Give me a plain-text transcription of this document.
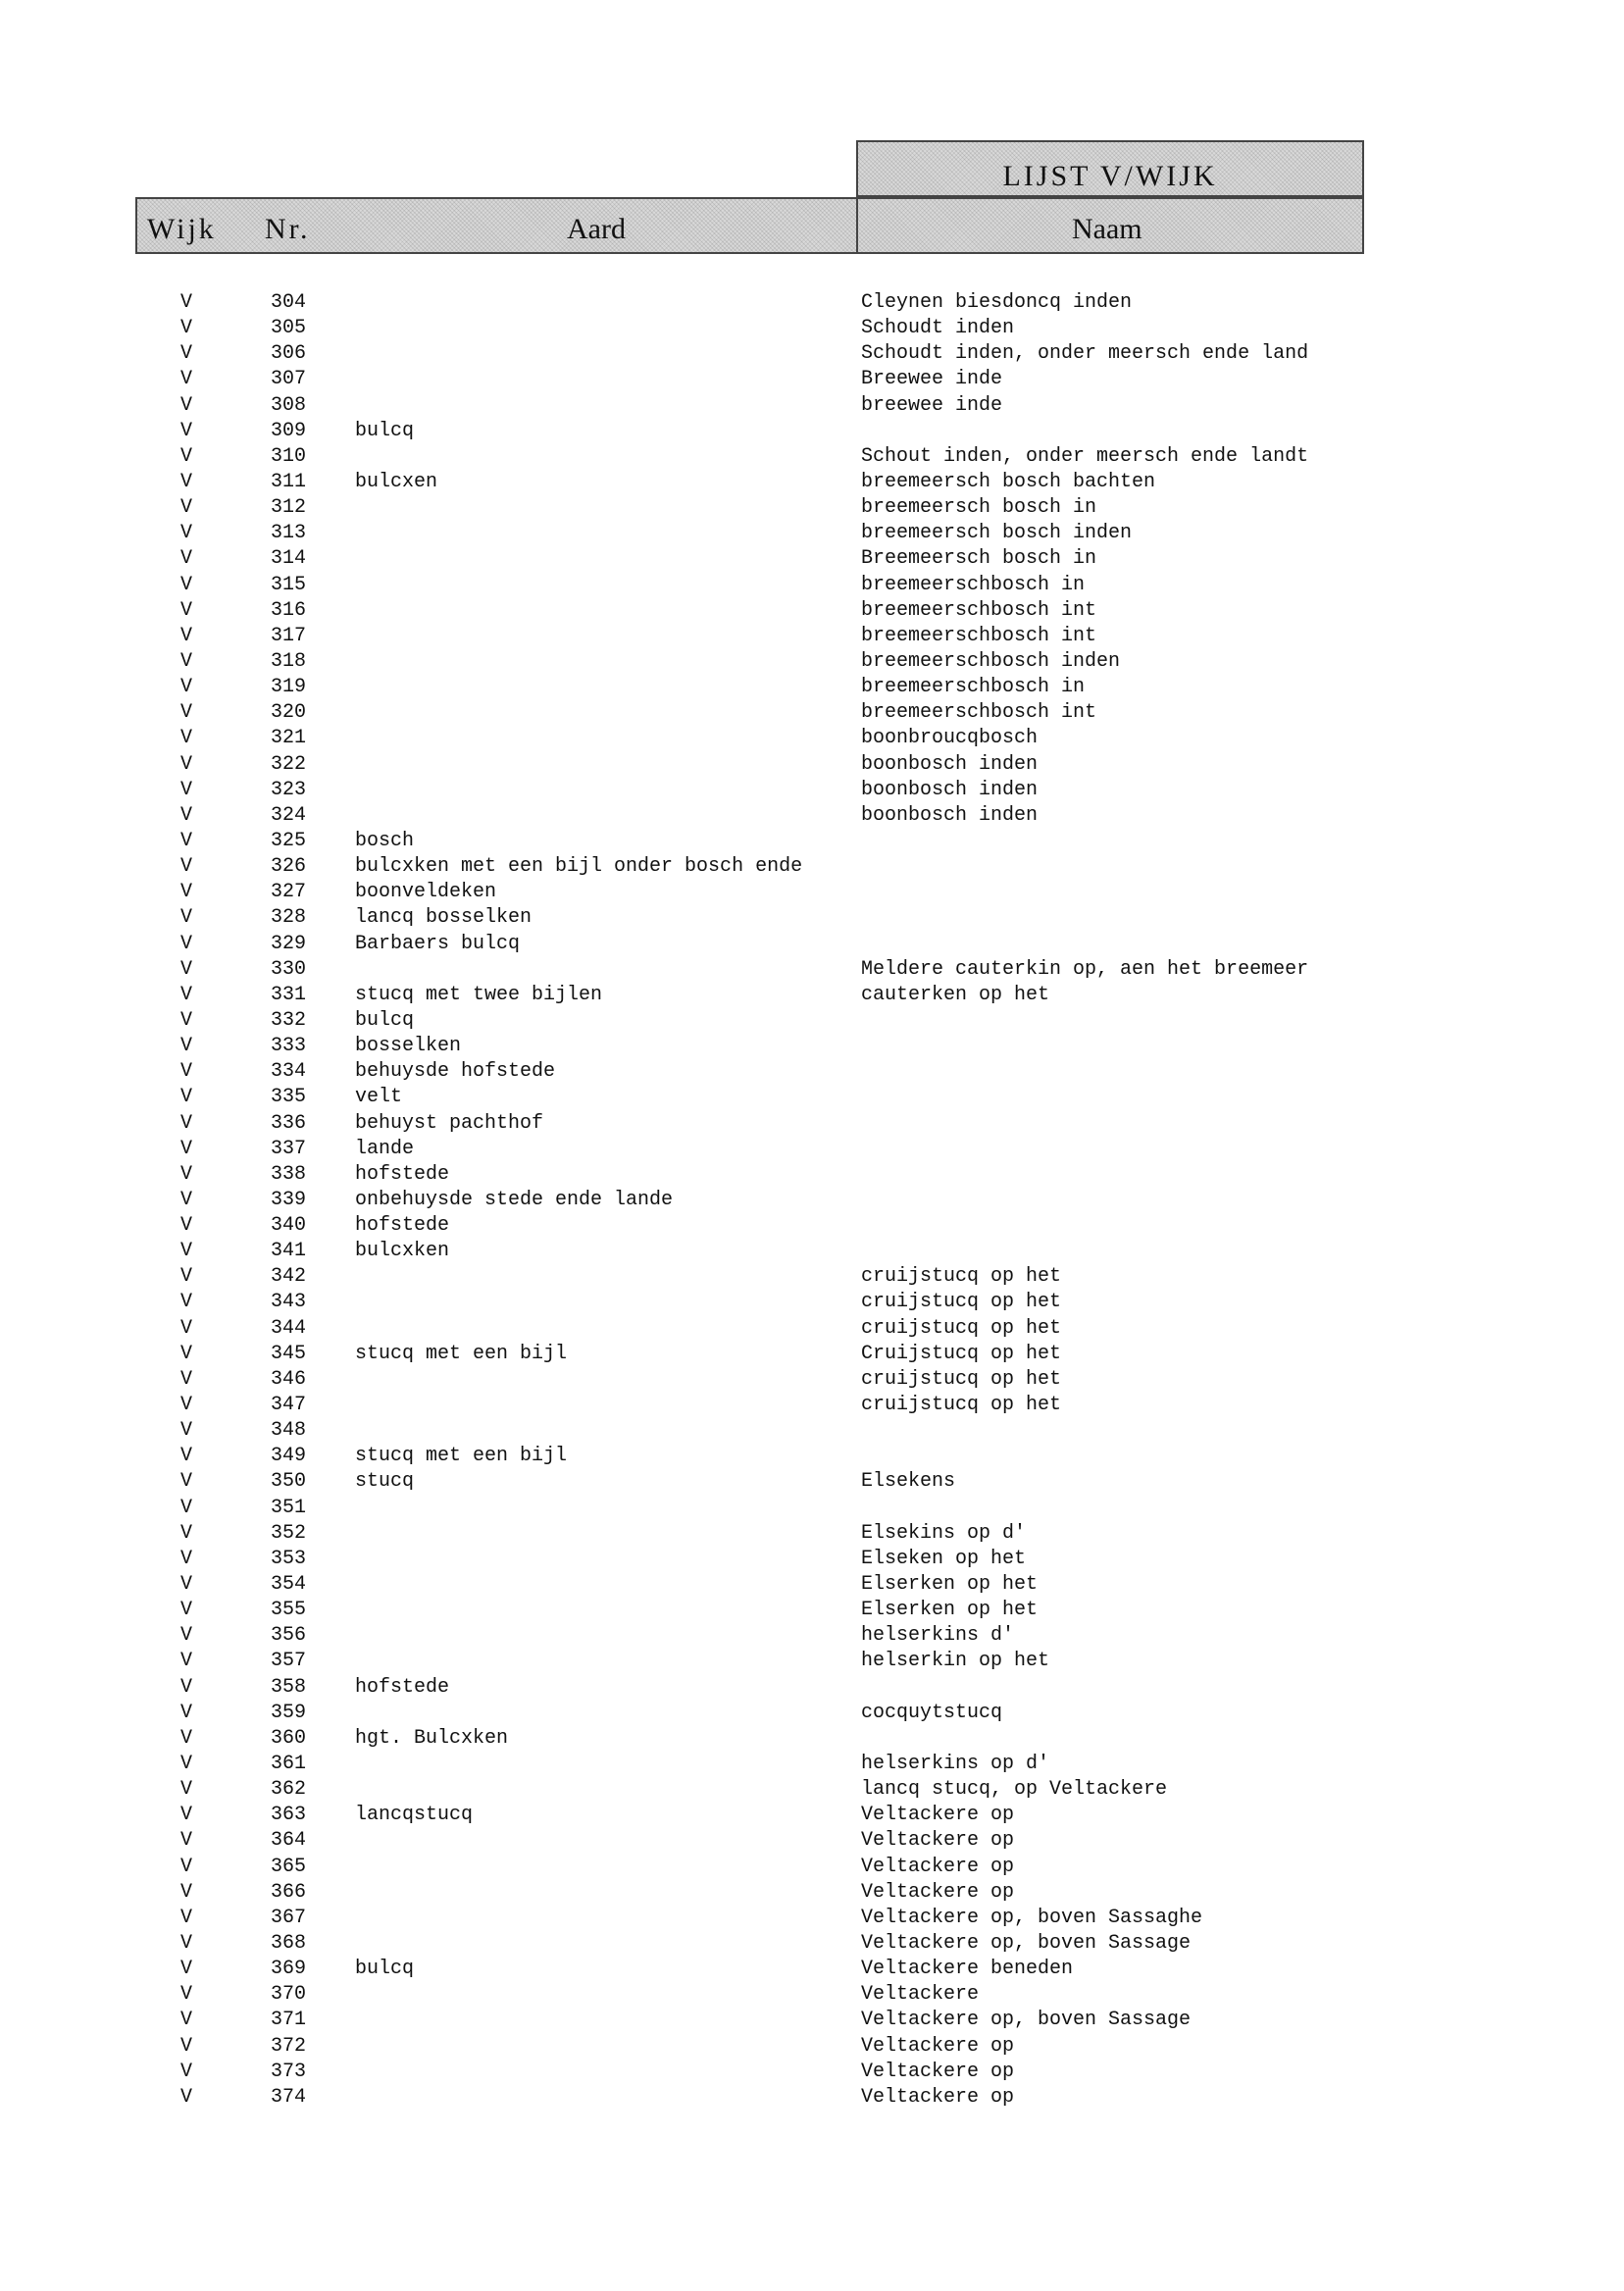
LIJST V/WIJK
Wijk Nr.	Aard	Naam
V	304	Cleynen biesdoncq inden
V	305	Schoudt inden
V	306	Schoudt inden, onder meersch ende land
V	307	Breewee inde
V	308	breewee inde
V	309 bulcq
V	310	Schout inden, onder meersch ende landt
V	311 bulcxen	breemeersch bosch bachten
V	312	breemeersch bosch in
V	313	breemeersch bosch inden
V	314	Breemeersch bosch in
V	315	breemeerschbosch in
V	316	breemeerschbosch int
V	317	breemeerschbosch int
V	318	breemeerschbosch inden
V	319	breemeerschbosch in
V	320	breemeerschbosch int
V	321	boonbroucqbosch
V	322	boonbosch inden
V	323	boonbosch inden
V	324	boonbosch inden
V	325 bosch
V	326 bulcxken met een bijl onder bosch ende
V	327 boonveldeken
V	328 lancq bosselken
V	329 Barbaers bulcq
V	330	Meldere cauterkin op, aen het breemeer
V	331 stucq met twee bijlen	cauterken op het
V	332 bulcq
V	333 bosselken
V	334 behuysde hofstede
V	335 velt
V	336 behuyst pachthof
V	337 lande
V	338 hofstede
V	339 onbehuysde stede ende lande
V	340 hofstede
V	341 bulcxken
V	342	cruijstucq op het
V	343	cruijstucq op het
V	344	cruijstucq op het
V	345 stucq met een bijl	Cruijstucq op het
V	346	cruijstucq op het
V	347	cruijstucq op het
V	348
V	349 stucq met een bijl
V	350 stucq	Elsekens
V	351
V	352	Elsekins op d'
V	353	Elseken op het
V	354	Elserken op het
V	355	Elserken op het
V	356	helserkins d'
V	357	helserkin op het
V	358 hofstede
V	359	cocquytstucq
V	360 hgt. Bulcxken
V	361	helserkins op d'
V	362	lancq stucq, op Veltackere
V	363 lancqstucq	Veltackere op
V	364	Veltackere op
V	365	Veltackere op
V	366	Veltackere op
V	367	Veltackere op, boven Sassaghe
V	368	Veltackere op, boven Sassage
V	369 bulcq	Veltackere beneden
V	370	Veltackere
V	371	Veltackere op, boven Sassage
V	372	Veltackere op
V	373	Veltackere op
V	374	Veltackere op
